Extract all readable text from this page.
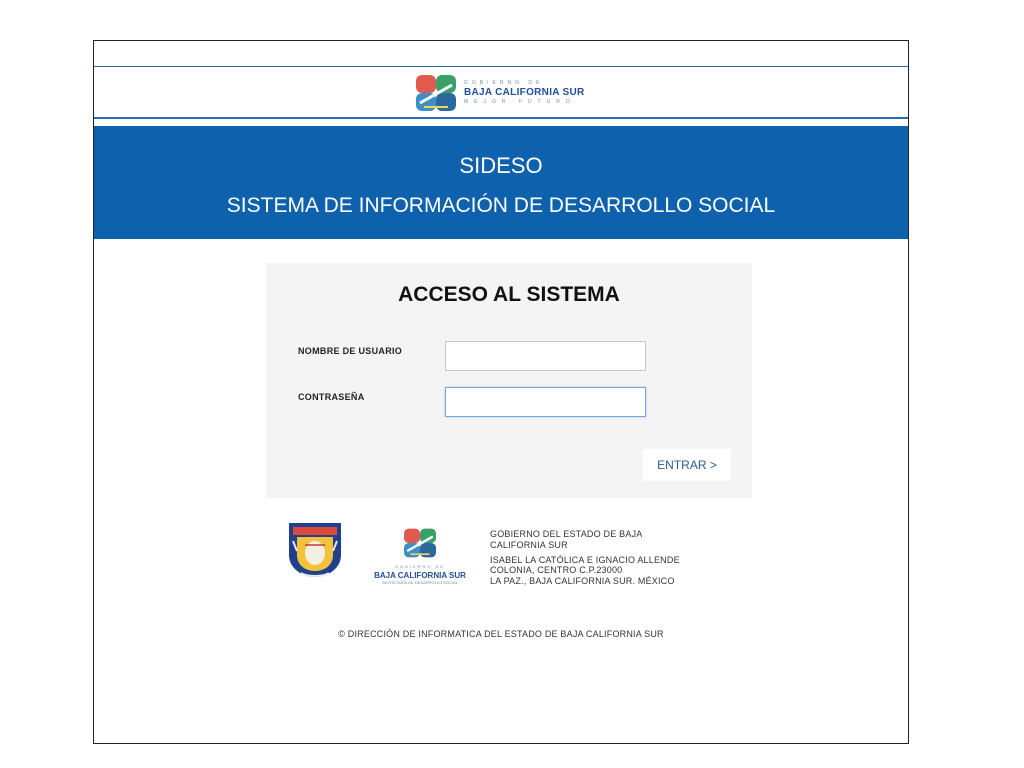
GOBIERNO DE
BAJA CALIFORNIA SUR
MEJOR FUTURO
SIDESO
SISTEMA DE INFORMACIÓN DE DESARROLLO SOCIAL
ACCESO AL SISTEMA
NOMBRE DE USUARIO
CONTRASEÑA
ENTRAR >
GOBIERNO DE
BAJA CALIFORNIA SUR
SECRETARÍA DE DESARROLLO SOCIAL
GOBIERNO DEL ESTADO DE BAJA
CALIFORNIA SUR
ISABEL LA CATÓLICA E IGNACIO ALLENDE
COLONIA, CENTRO C.P.23000
LA PAZ., BAJA CALIFORNIA SUR. MÉXICO
© DIRECCIÓN DE INFORMATICA DEL ESTADO DE BAJA CALIFORNIA SUR
